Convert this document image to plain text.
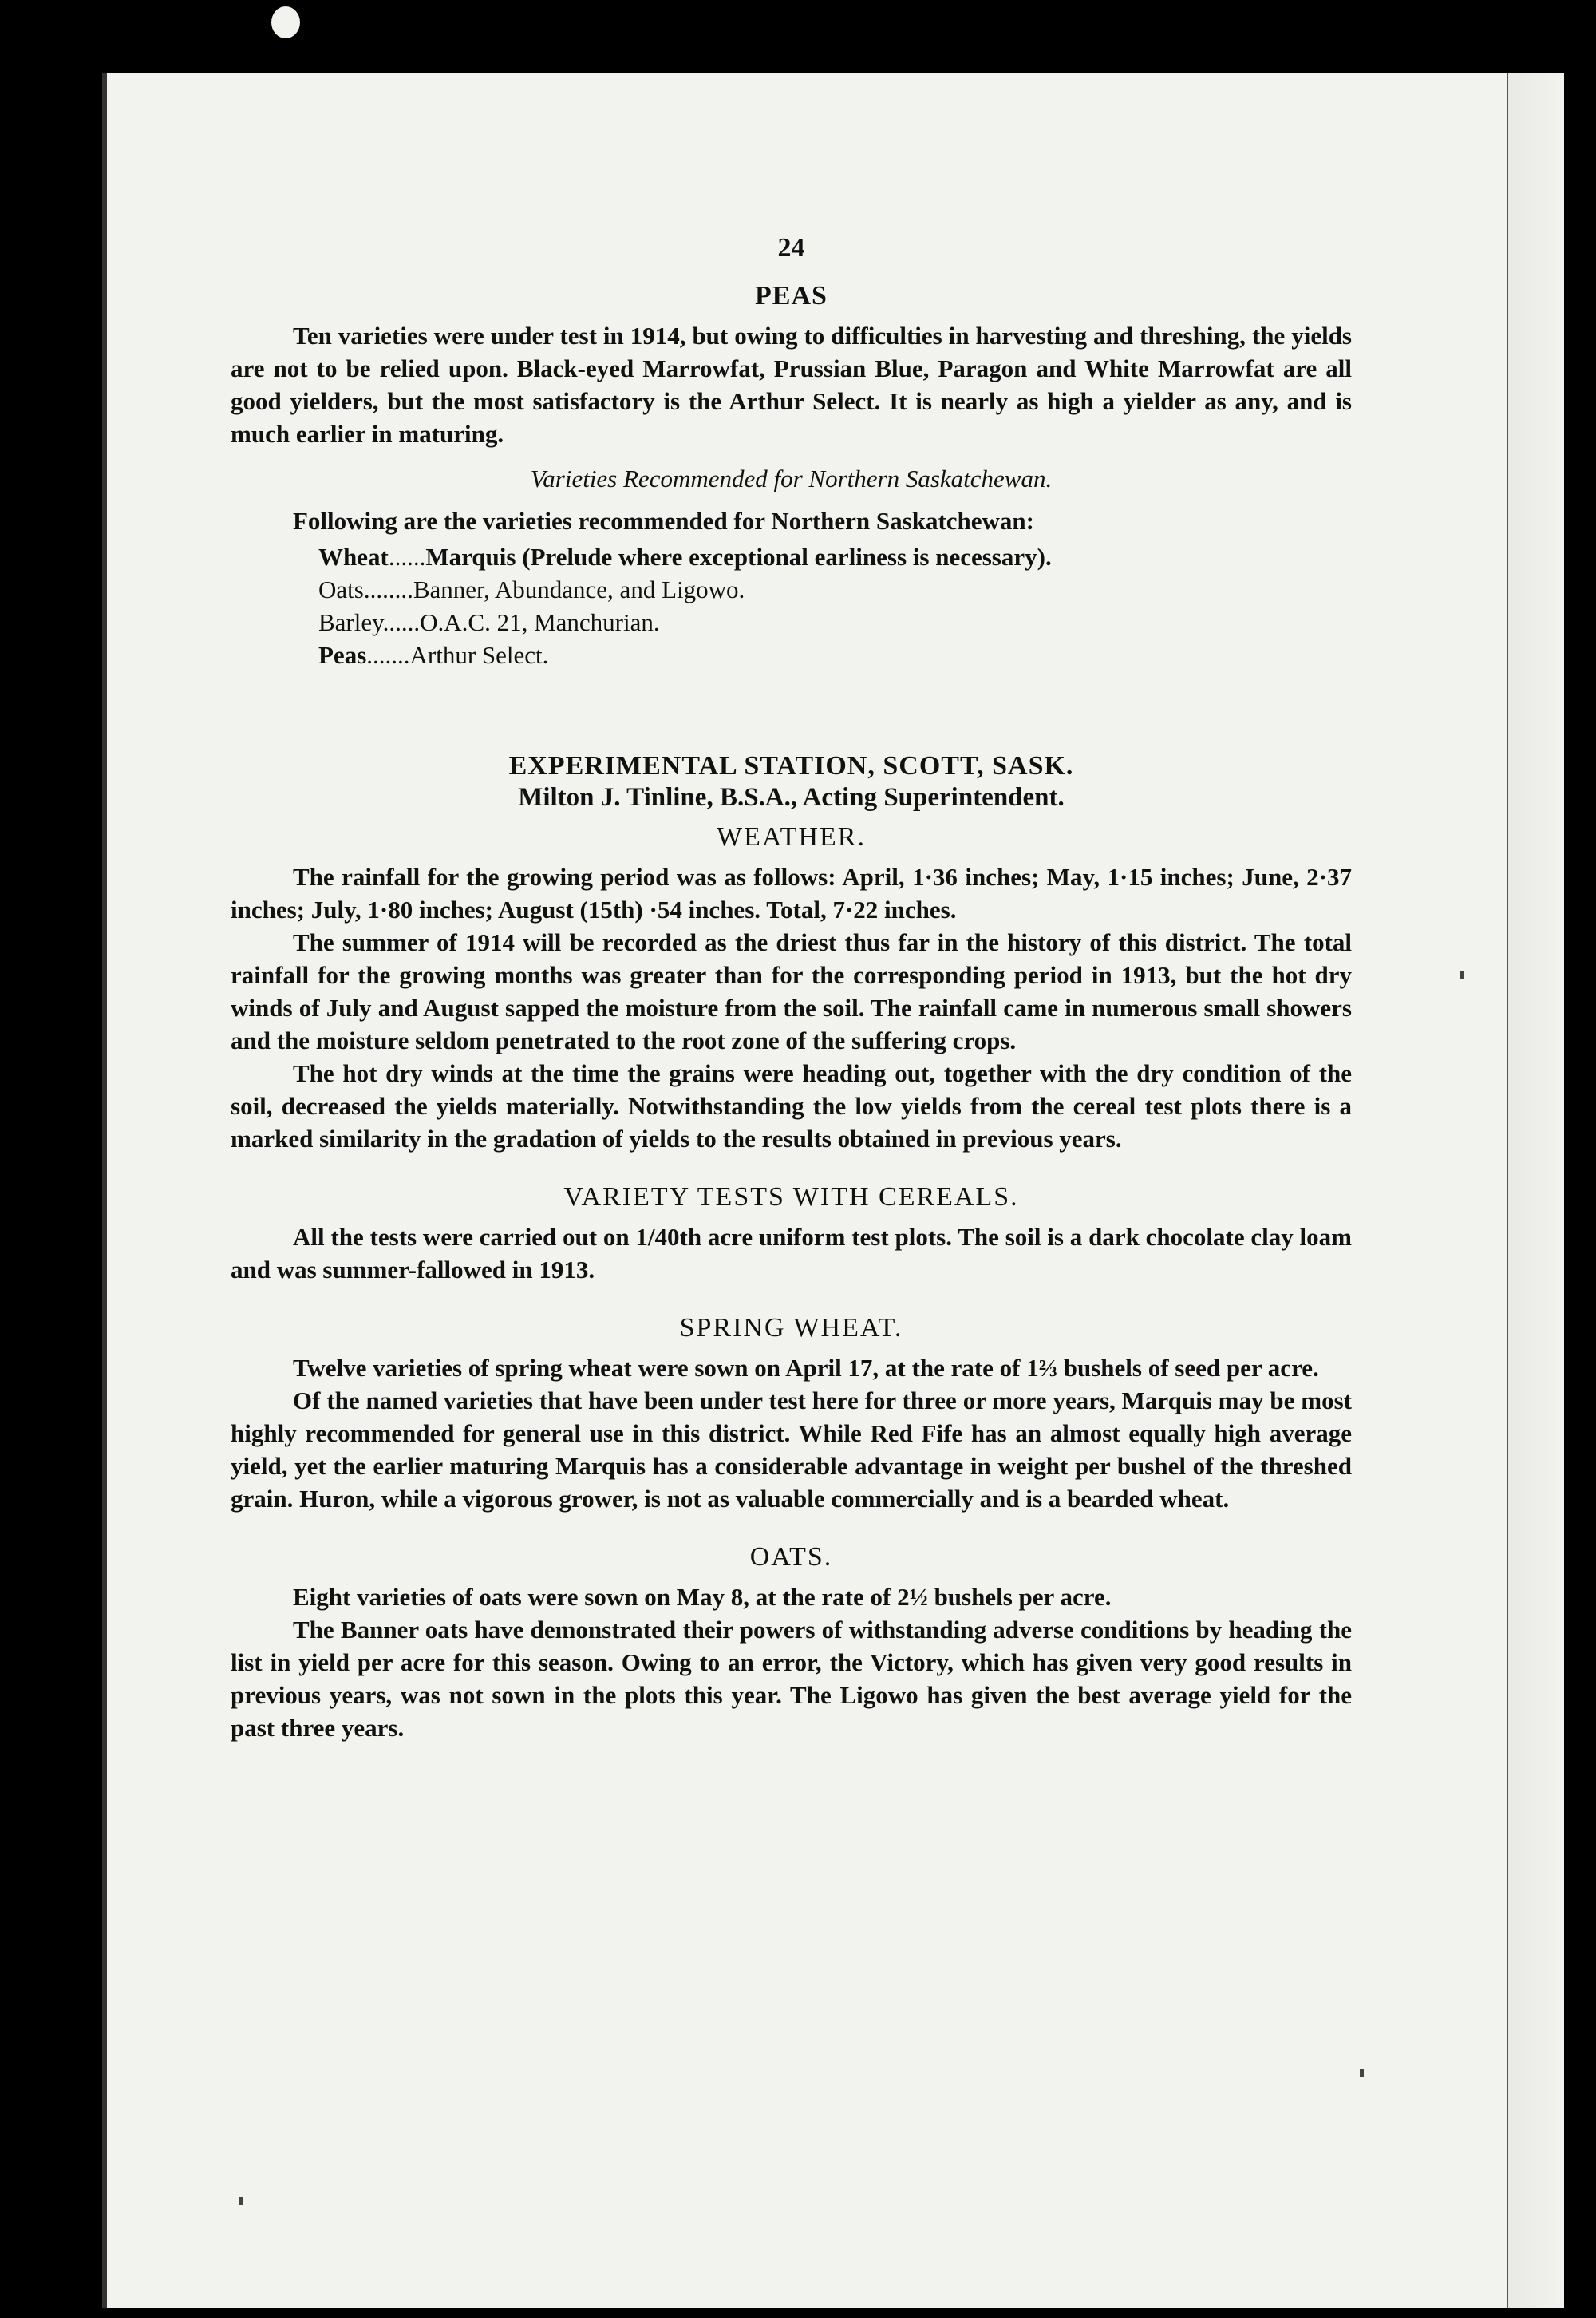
24
PEAS

Ten varieties were under test in 1914, but owing to difficulties in harvesting and threshing, the yields are not to be relied upon. Black-eyed Marrowfat, Prussian Blue, Paragon and White Marrowfat are all good yielders, but the most satisfactory is the Arthur Select. It is nearly as high a yielder as any, and is much earlier in maturing.

Varieties Recommended for Northern Saskatchewan.

Following are the varieties recommended for Northern Saskatchewan:

Wheat......Marquis (Prelude where exceptional earliness is necessary).
Oats........Banner, Abundance, and Ligowo.
Barley......O.A.C. 21, Manchurian.
Peas.......Arthur Select.
EXPERIMENTAL STATION, SCOTT, SASK.
Milton J. Tinline, B.S.A., Acting Superintendent.
WEATHER.

The rainfall for the growing period was as follows: April, 1·36 inches; May, 1·15 inches; June, 2·37 inches; July, 1·80 inches; August (15th) ·54 inches. Total, 7·22 inches.

The summer of 1914 will be recorded as the driest thus far in the history of this district. The total rainfall for the growing months was greater than for the corresponding period in 1913, but the hot dry winds of July and August sapped the moisture from the soil. The rainfall came in numerous small showers and the moisture seldom penetrated to the root zone of the suffering crops.

The hot dry winds at the time the grains were heading out, together with the dry condition of the soil, decreased the yields materially. Notwithstanding the low yields from the cereal test plots there is a marked similarity in the gradation of yields to the results obtained in previous years.

VARIETY TESTS WITH CEREALS.

All the tests were carried out on 1/40th acre uniform test plots. The soil is a dark chocolate clay loam and was summer-fallowed in 1913.

SPRING WHEAT.

Twelve varieties of spring wheat were sown on April 17, at the rate of 1⅔ bushels of seed per acre.

Of the named varieties that have been under test here for three or more years, Marquis may be most highly recommended for general use in this district. While Red Fife has an almost equally high average yield, yet the earlier maturing Marquis has a considerable advantage in weight per bushel of the threshed grain. Huron, while a vigorous grower, is not as valuable commercially and is a bearded wheat.

OATS.

Eight varieties of oats were sown on May 8, at the rate of 2½ bushels per acre.

The Banner oats have demonstrated their powers of withstanding adverse conditions by heading the list in yield per acre for this season. Owing to an error, the Victory, which has given very good results in previous years, was not sown in the plots this year. The Ligowo has given the best average yield for the past three years.
